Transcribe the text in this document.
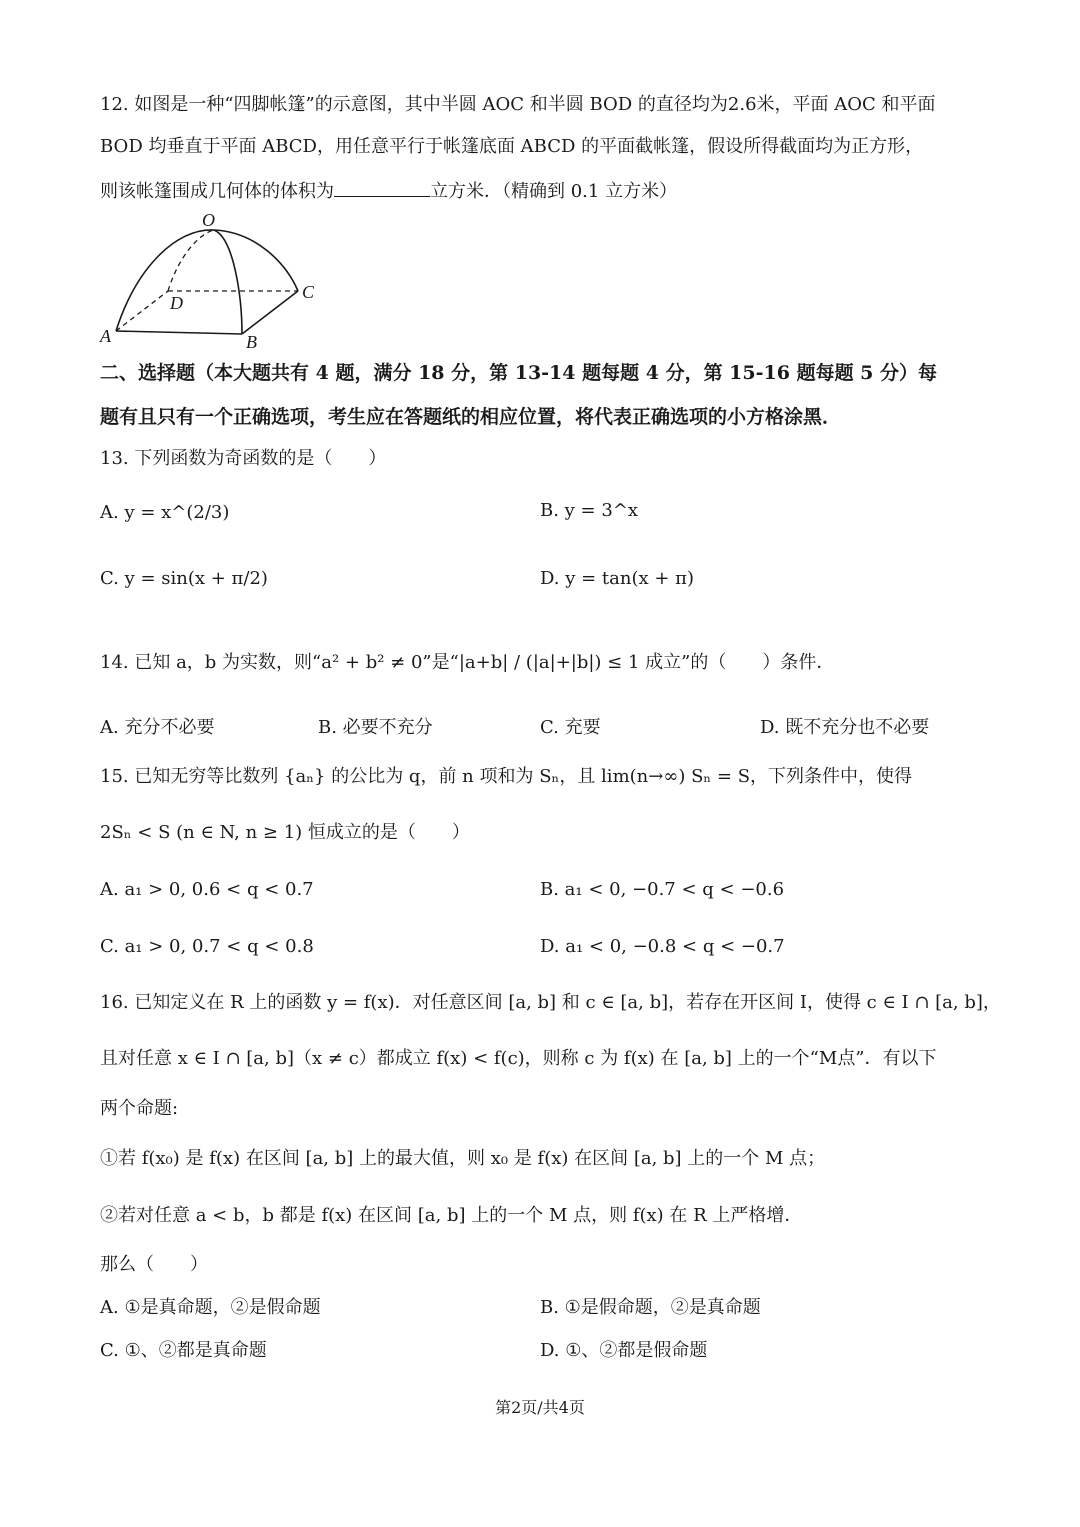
12. 如图是一种“四脚帐篷”的示意图，其中半圆 AOC 和半圆 BOD 的直径均为2.6米，平面 AOC 和平面
BOD 均垂直于平面 ABCD，用任意平行于帐篷底面 ABCD 的平面截帐篷，假设所得截面均为正方形，
则该帐篷围成几何体的体积为	立方米．（精确到 0.1 立方米）
O
A	B
C
D
二、选择题（本大题共有 4 题，满分 18 分，第 13-14 题每题 4 分，第 15-16 题每题 5 分）每
题有且只有一个正确选项，考生应在答题纸的相应位置，将代表正确选项的小方格涂黑．
13. 下列函数为奇函数的是（　　）
A. y = x^(2/3)	B. y = 3^x
C. y = sin(x + π/2)	D. y = tan(x + π)
14. 已知 a，b 为实数，则“a² + b² ≠ 0”是“|a+b| / (|a|+|b|) ≤ 1 成立”的（　　）条件．
A. 充分不必要	B. 必要不充分	C. 充要	D. 既不充分也不必要
15. 已知无穷等比数列 {aₙ} 的公比为 q，前 n 项和为 Sₙ，且 lim(n→∞) Sₙ = S，下列条件中，使得
2Sₙ < S (n ∈ N, n ≥ 1) 恒成立的是（　　）
A. a₁ > 0, 0.6 < q < 0.7	B. a₁ < 0, −0.7 < q < −0.6
C. a₁ > 0, 0.7 < q < 0.8	D. a₁ < 0, −0.8 < q < −0.7
16. 已知定义在 R 上的函数 y = f(x)．对任意区间 [a, b] 和 c ∈ [a, b]，若存在开区间 I，使得 c ∈ I ∩ [a, b]，
且对任意 x ∈ I ∩ [a, b]（x ≠ c）都成立 f(x) < f(c)，则称 c 为 f(x) 在 [a, b] 上的一个“M点”．有以下
两个命题:
①若 f(x₀) 是 f(x) 在区间 [a, b] 上的最大值，则 x₀ 是 f(x) 在区间 [a, b] 上的一个 M 点；
②若对任意 a < b，b 都是 f(x) 在区间 [a, b] 上的一个 M 点，则 f(x) 在 R 上严格增．
那么（　　）
A. ①是真命题，②是假命题	B. ①是假命题，②是真命题
C. ①、②都是真命题	D. ①、②都是假命题
第2页/共4页
